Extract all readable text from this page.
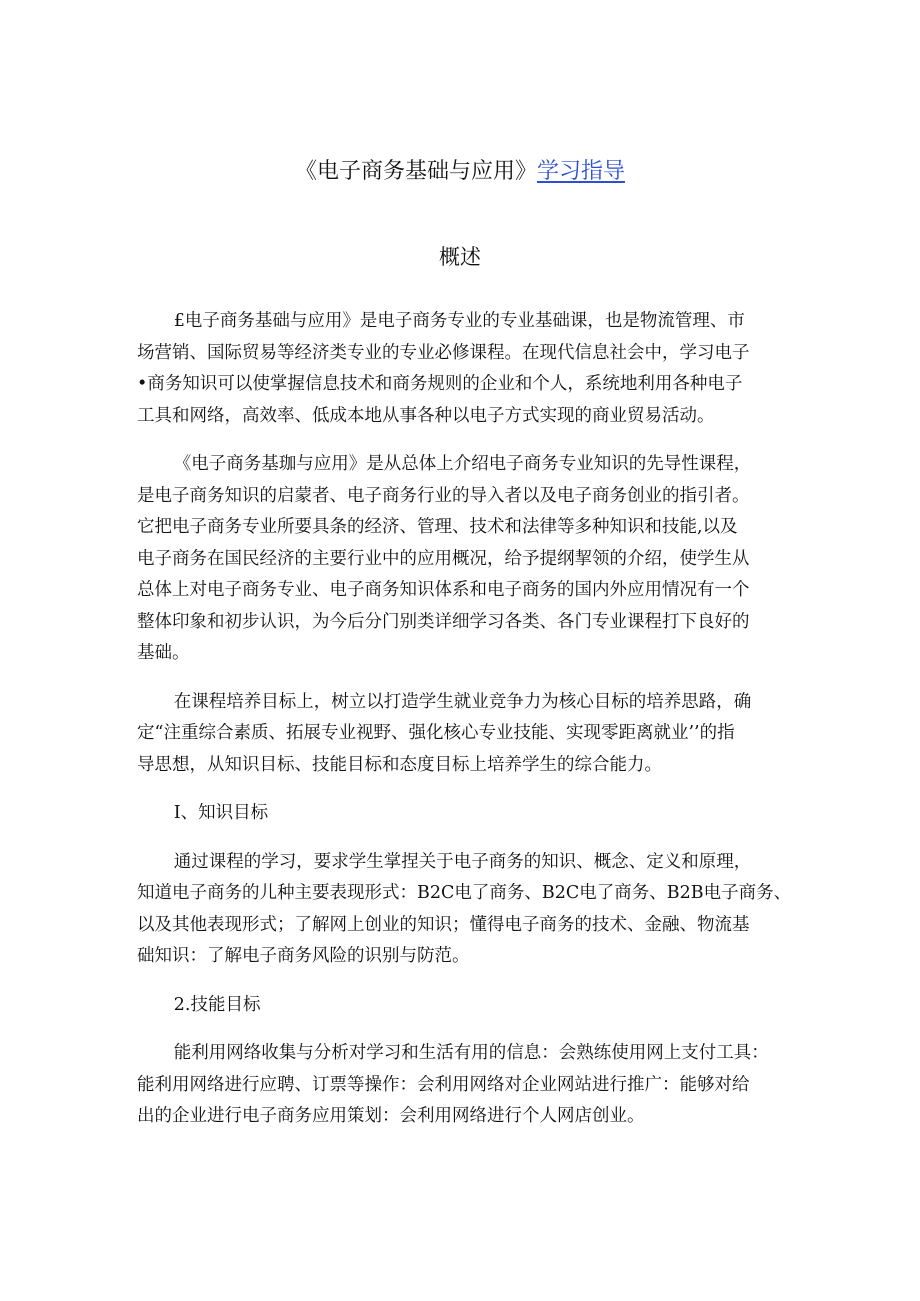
《电子商务基础与应用》学习指导
概述

£电子商务基础与应用》是电子商务专业的专业基础课，也是物流管理、市
场营销、国际贸易等经济类专业的专业必修课程。在现代信息社会中，学习电子
•商务知识可以使掌握信息技术和商务规则的企业和个人，系统地利用各种电子
工具和网络，高效率、低成本地从事各种以电子方式实现的商业贸易活动。

《电子商务基珈与应用》是从总体上介绍电子商务专业知识的先导性课程，
是电子商务知识的启蒙者、电子商务行业的导入者以及电子商务创业的指引者。
它把电子商务专业所要具条的经济、管理、技术和法律等多种知识和技能,以及
电子商务在国民经济的主要行业中的应用概况，给予提纲挈领的介绍，使学生从
总体上对电子商务专业、电子商务知识体系和电子商务的国内外应用情况有一个
整体印象和初步认识，为今后分门别类详细学习各类、各门专业课程打下良好的
基础。

在课程培养目标上，树立以打造学生就业竞争力为核心目标的培养思路，确
定“注重综合素质、拓展专业视野、强化核心专业技能、实现零距离就业’’的指
导思想，从知识目标、技能目标和态度目标上培养学生的综合能力。

I、知识目标

通过课程的学习，要求学生掌捏关于电子商务的知识、概念、定义和原理，
知道电子商务的儿种主要表现形式：B2C电了商务、B2C电了商务、B2B电子商务、
以及其他表现形式；了解网上创业的知识；懂得电子商务的技术、金融、物流基
础知识：了解电子商务风险的识别与防范。

2.技能目标

能利用网络收集与分析对学习和生活有用的信息：会熟练使用网上支付工具：
能利用网络进行应聘、订票等操作：会利用网络对企业网站进行推广：能够对给
出的企业进行电子商务应用策划：会利用网络进行个人网店创业。
